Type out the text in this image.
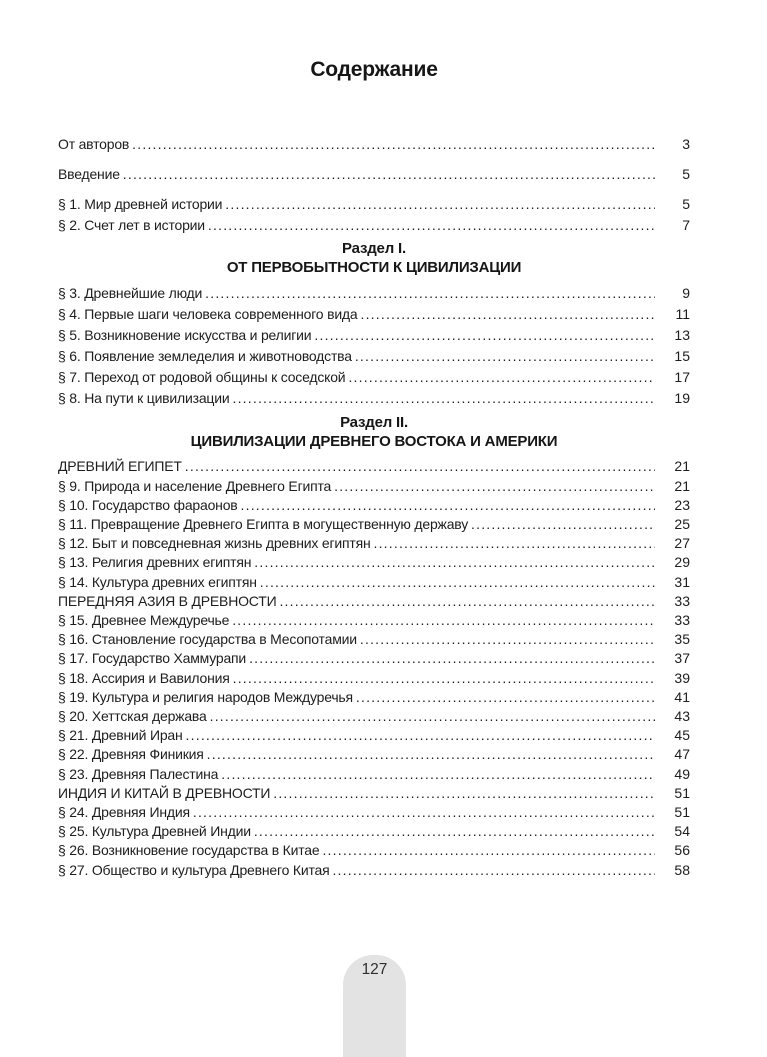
Содержание
От авторов .....	3
Введение .....	5
§ 1. Мир древней истории .....	5
§ 2. Счет лет в истории .....	7
Раздел I.
ОТ ПЕРВОБЫТНОСТИ К ЦИВИЛИЗАЦИИ
§ 3. Древнейшие люди .....	9
§ 4. Первые шаги человека современного вида .....	11
§ 5. Возникновение искусства и религии .....	13
§ 6. Появление земледелия и животноводства .....	15
§ 7. Переход от родовой общины к соседской .....	17
§ 8. На пути к цивилизации .....	19
Раздел II.
ЦИВИЛИЗАЦИИ ДРЕВНЕГО ВОСТОКА И АМЕРИКИ
ДРЕВНИЙ ЕГИПЕТ .....	21
§ 9. Природа и население Древнего Египта .....	21
§ 10. Государство фараонов .....	23
§ 11. Превращение Древнего Египта в могущественную державу .....	25
§ 12. Быт и повседневная жизнь древних египтян .....	27
§ 13. Религия древних египтян .....	29
§ 14. Культура древних египтян .....	31
ПЕРЕДНЯЯ АЗИЯ В ДРЕВНОСТИ .....	33
§ 15. Древнее Междуречье .....	33
§ 16. Становление государства в Месопотамии .....	35
§ 17. Государство Хаммурапи .....	37
§ 18. Ассирия и Вавилония .....	39
§ 19. Культура и религия народов Междуречья .....	41
§ 20. Хеттская держава .....	43
§ 21. Древний Иран .....	45
§ 22. Древняя Финикия .....	47
§ 23. Древняя Палестина .....	49
ИНДИЯ И КИТАЙ В ДРЕВНОСТИ .....	51
§ 24. Древняя Индия .....	51
§ 25. Культура Древней Индии .....	54
§ 26. Возникновение государства в Китае .....	56
§ 27. Общество и культура Древнего Китая .....	58
127
